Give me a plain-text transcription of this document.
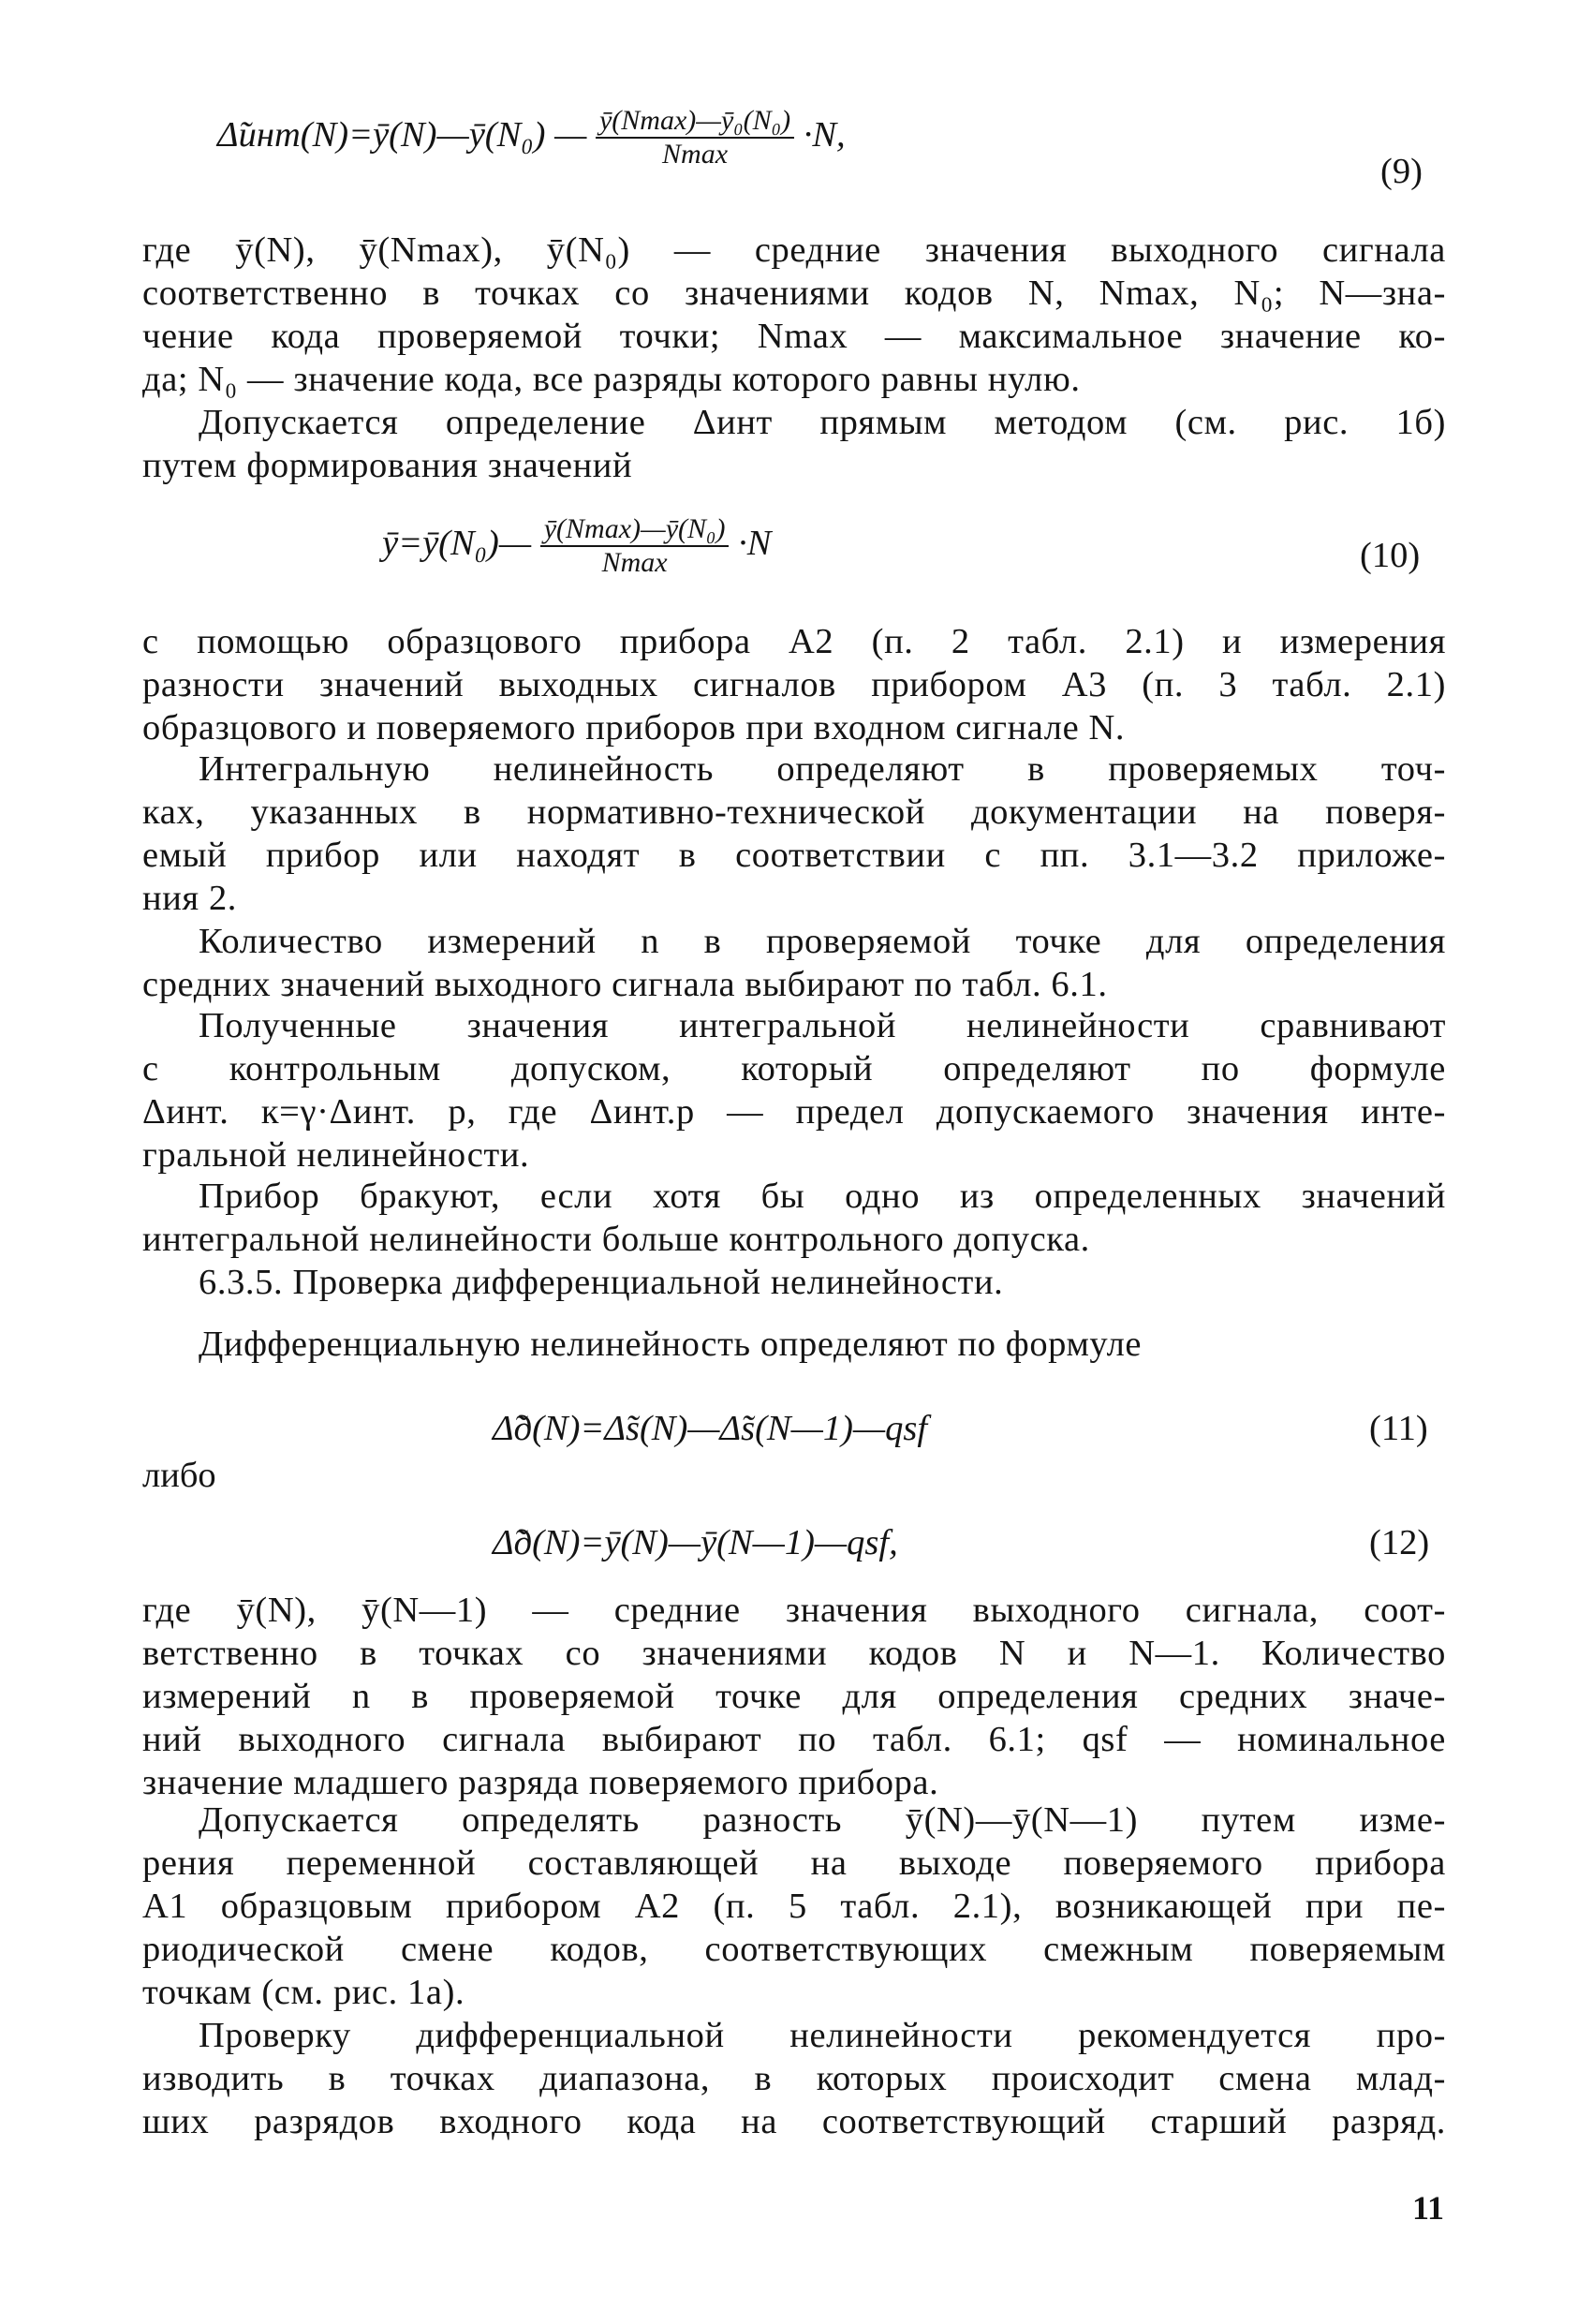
Δ̃инт(N)=ȳ(N)—ȳ(N₀) — $\frac{\text{ȳ(Nmax)—ȳ₀(N₀)}}{Nmax} \cdot N$,
(9)
где ȳ(N), ȳ(Nmax), ȳ(N₀) — средние значения выходного сигнала
соответственно в точках со значениями кодов N, Nmax, N₀; N—зна-
чение кода проверяемой точки; Nmax — максимальное значение ко-
да; N₀ — значение кода, все разряды которого равны нулю.
Допускается определение Δинт прямым методом (см. рис. 1б)
путем формирования значений
ȳ=ȳ(N₀)— $\frac{\text{ȳ(Nmax)—ȳ(N₀)}}{Nmax} \cdot N$	(10)
с помощью образцового прибора А2 (п. 2 табл. 2.1) и измерения
разности значений выходных сигналов прибором А3 (п. 3 табл. 2.1)
образцового и поверяемого приборов при входном сигнале N.
Интегральную нелинейность определяют в проверяемых точ-
ках, указанных в нормативно-технической документации на поверя-
емый прибор или находят в соответствии с пп. 3.1—3.2 приложе-
ния 2.
Количество измерений n в проверяемой точке для определения
средних значений выходного сигнала выбирают по табл. 6.1.
Полученные значения интегральной нелинейности сравнивают
с контрольным допуском, который определяют по формуле
Δинт. к=γ·Δинт. р, где Δинт.р — предел допускаемого значения инте-
гральной нелинейности.
Прибор бракуют, если хотя бы одно из определенных значений
интегральной нелинейности больше контрольного допуска.
6.3.5. Проверка дифференциальной нелинейности.
Дифференциальную нелинейность определяют по формуле
Δ̃д(N)=Δ̃s(N)—Δ̃s(N—1)—qsf	(11)
либо
Δ̃д(N)=ȳ(N)—ȳ(N—1)—qsf,	(12)
где ȳ(N), ȳ(N—1) — средние значения выходного сигнала, соот-
ветственно в точках со значениями кодов N и N—1. Количество
измерений n в проверяемой точке для определения средних значе-
ний выходного сигнала выбирают по табл. 6.1; qsf — номинальное
значение младшего разряда поверяемого прибора.
Допускается определять разность ȳ(N)—ȳ(N—1) путем изме-
рения переменной составляющей на выходе поверяемого прибора
А1 образцовым прибором А2 (п. 5 табл. 2.1), возникающей при пе-
риодической смене кодов, соответствующих смежным поверяемым
точкам (см. рис. 1а).
Проверку дифференциальной нелинейности рекомендуется про-
изводить в точках диапазона, в которых происходит смена млад-
ших разрядов входного кода на соответствующий старший разряд.
11
